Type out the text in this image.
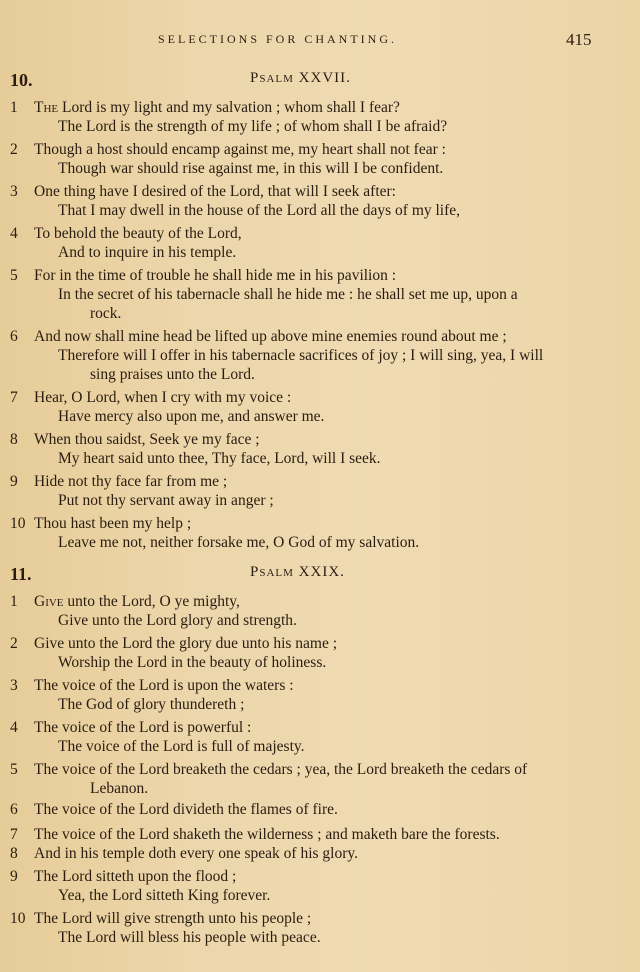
SELECTIONS FOR CHANTING.	415
10.	Psalm XXVII.
1	The Lord is my light and my salvation ; whom shall I fear?
The Lord is the strength of my life ; of whom shall I be afraid?
2	Though a host should encamp against me, my heart shall not fear :
Though war should rise against me, in this will I be confident.
3	One thing have I desired of the Lord, that will I seek after:
That I may dwell in the house of the Lord all the days of my life,
4	To behold the beauty of the Lord,
And to inquire in his temple.
5	For in the time of trouble he shall hide me in his pavilion :
In the secret of his tabernacle shall he hide me : he shall set me up, upon a
rock.
6	And now shall mine head be lifted up above mine enemies round about me ;
Therefore will I offer in his tabernacle sacrifices of joy ; I will sing, yea, I will
sing praises unto the Lord.
7	Hear, O Lord, when I cry with my voice :
Have mercy also upon me, and answer me.
8	When thou saidst, Seek ye my face ;
My heart said unto thee, Thy face, Lord, will I seek.
9	Hide not thy face far from me ;
Put not thy servant away in anger ;
10 Thou hast been my help ;
Leave me not, neither forsake me, O God of my salvation.
11.	Psalm XXIX.
1	Give unto the Lord, O ye mighty,
Give unto the Lord glory and strength.
2	Give unto the Lord the glory due unto his name ;
Worship the Lord in the beauty of holiness.
3	The voice of the Lord is upon the waters :
The God of glory thundereth ;
4	The voice of the Lord is powerful :
The voice of the Lord is full of majesty.
5	The voice of the Lord breaketh the cedars ; yea, the Lord breaketh the cedars of
Lebanon.
6	The voice of the Lord divideth the flames of fire.
7	The voice of the Lord shaketh the wilderness ; and maketh bare the forests.
8	And in his temple doth every one speak of his glory.
9	The Lord sitteth upon the flood ;
Yea, the Lord sitteth King forever.
10 The Lord will give strength unto his people ;
The Lord will bless his people with peace.
